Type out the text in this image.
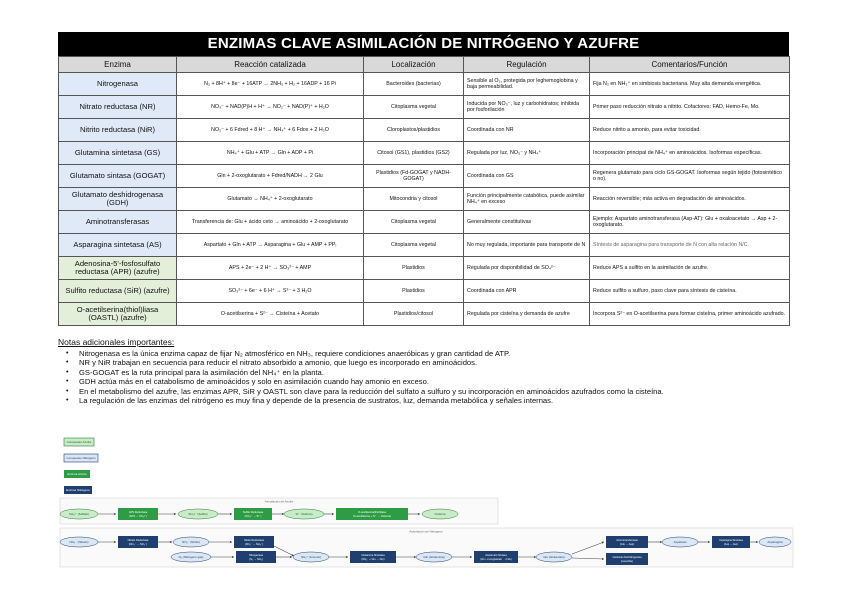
ENZIMAS CLAVE ASIMILACIÓN DE NITRÓGENO Y AZUFRE
Enzima	Reacción catalizada	Localización	Regulación	Comentarios/Función
Nitrogenasa	N₂ + 8H⁺ + 8e⁻ + 16ATP → 2NH₃ + H₂ + 16ADP + 16 Pi	Bacteroides (bacterias)	Sensible al O₂, protegida por leghemoglobina y baja permeabilidad.	Fija N₂ en NH₃⁺ en simbiosis bacteriana. Muy alta demanda energética.
Nitrato reductasa (NR)	NO₃⁻ + NAD(P)H + H⁺ → NO₂⁻ + NAD(P)⁺ + H₂O	Citoplasma vegetal	Inducida por NO₃⁻, luz y carbohidratos; inhibida por fosforilación	Primer paso reducción nitrato a nitrito. Cofactores: FAD, Hemo-Fe, Mo.
Nitrito reductasa (NiR)	NO₂⁻ + 6 Fdred + 8 H⁺ → NH₄⁺ + 6 Fdox + 2 H₂O	Cloroplastos/plastidios	Coordinada con NR	Reduce nitrito a amonio, para evitar toxicidad.
Glutamina sintetasa (GS)	NH₄⁺ + Glu + ATP → Gln + ADP + Pi	Citosol (GS1), plastidios (GS2)	Regulada por luz, NO₃⁻ y NH₄⁺	Incorporación principal de NH₄⁺ en aminoácidos. Isoformas específicas.
Glutamato sintasa (GOGAT)	Gln + 2-oxoglutarato + Fdred/NADH → 2 Glu	Plastidios (Fd-GOGAT y NADH-GOGAT)	Coordinada con GS	Regenera glutamato para ciclo GS-GOGAT. Isoformas según tejido (fotosintético o no).
Glutamato deshidrogenasa (GDH)	Glutamato ↔ NH₄⁺ + 2-oxoglutarato	Mitocondria y citosol	Función principalmente catabólica, puede asimilar NH₄⁺ en exceso	Reacción reversible; más activa en degradación de aminoácidos.
Aminotransferasas	Transferencia de: Glu + ácido ceto → aminoácido + 2-oxoglutarato	Citoplasma vegetal	Generalmente constitutivas	Ejemplo: Aspartato aminotransferasa (Asp-AT): Glu + oxaloacetato → Asp + 2-oxoglutarato.
Asparagina sintetasa (AS)	Aspartato + Gln + ATP → Asparagina + Glu + AMP + PPᵢ	Citoplasma vegetal	No muy regulada, importante para transporte de N	Síntesis de asparagina para transporte de N con alta relación N/C.
Adenosina-5'-fosfosulfato reductasa (APR) (azufre)	APS + 2e⁻ + 2 H⁺ → SO₃²⁻ + AMP	Plastidios	Regulada por disponibilidad de SO₄²⁻	Reduce APS a sulfito en la asimilación de azufre.
Sulfito reductasa (SiR) (azufre)	SO₃²⁻ + 6e⁻ + 6 H⁺ → S²⁻ + 3 H₂O	Plastidios	Coordinada con APR	Reduce sulfito a sulfuro, paso clave para síntesis de cisteína.
O-acetilserina(thiol)liasa (OASTL) (azufre)	O-acetilserina + S²⁻ → Cisteína + Acetato	Plastidios/citosol	Regulada por cisteína y demanda de azufre	Incorpora S²⁻ en O-acetilserina para formar cisteína, primer aminoácido azufrado.
Notas adicionales importantes:
• Nitrogenasa es la única enzima capaz de fijar N₂ atmosférico en NH₃, requiere condiciones anaeróbicas y gran cantidad de ATP.
• NR y NiR trabajan en secuencia para reducir el nitrato absorbido a amonio, que luego es incorporado en aminoácidos.
• GS-GOGAT es la ruta principal para la asimilación del NH₄⁺ en la planta.
• GDH actúa más en el catabolismo de aminoácidos y solo en asimilación cuando hay amonio en exceso.
• En el metabolismo del azufre, las enzimas APR, SiR y OASTL son clave para la reducción del sulfato a sulfuro y su incorporación en aminoácidos azufrados como la cisteína.
• La regulación de las enzimas del nitrógeno es muy fina y depende de la presencia de sustratos, luz, demanda metabólica y señales internas.
Compuesto Azufre
Compuesto Nitrógeno
Enzima Azufre
Enzima Nitrógeno
Asimilación de Azufre
SO₄²⁻ (Sulfato)	APS Reductasa
(APS → SO₃²⁻)
SO₃²⁻ (Sulfito)	Sulfito Reductasa
(SO₃²⁻ → S²⁻)
S²⁻ (Sulfuro)	O-acetilserina(thiol)liasa
(O-acetilserina + S²⁻ → Cisteína)
Cisteína
Asimilación de Nitrógeno
NO₃⁻ (Nitrato)	Nitrato Reductasa
(NO₃⁻ → NO₂⁻)
NO₂⁻ (Nitrito)	Nitrito Reductasa
(NO₂⁻ → NH₄⁺)
N₂ (Nitrógeno gas)	Nitrogenasa
(N₂ → NH₃)
NH₄⁺ (Amonio)	Glutamina Sintetasa
(NH₄⁺ + Glu → Gln)
Gln (Glutamina)	Glutamato Sintasa
(Gln + 2-oxoglutarato → 2 Glu)
Glu (Glutamato)
Aminotransferasas
(Glu → Asp)
Glutamato Deshidrogenasa
(reversible)
Aspartato	Asparagina Sintetasa
(Asp → Asn)
Asparagina
